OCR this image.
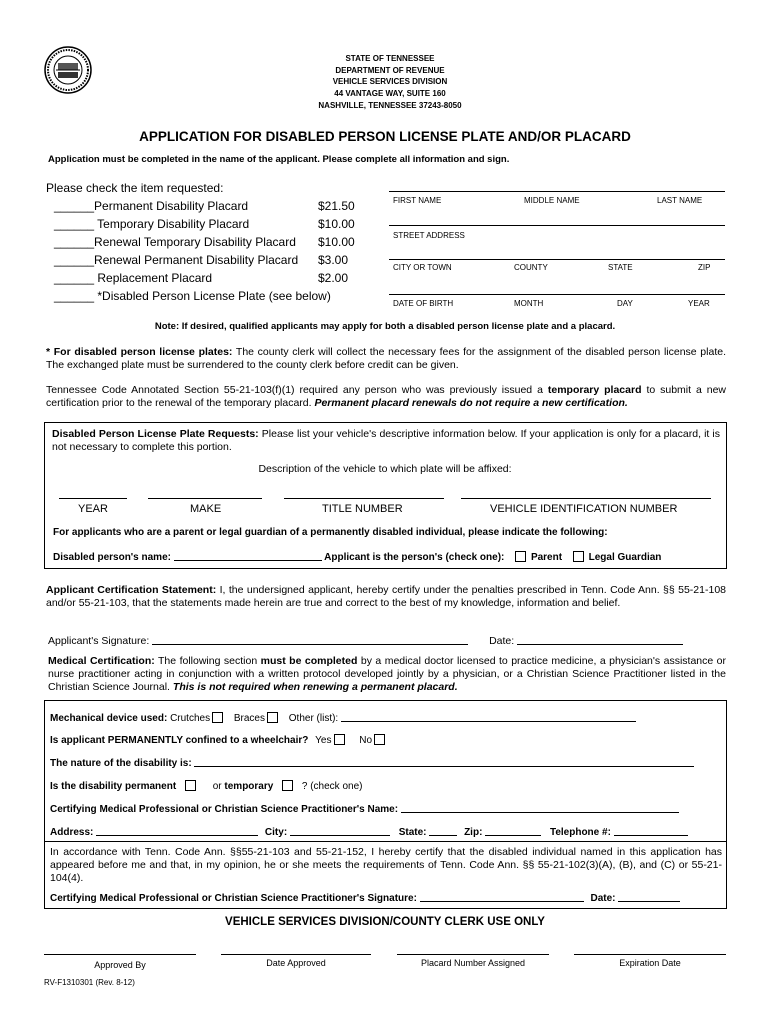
STATE OF TENNESSEE
DEPARTMENT OF REVENUE
VEHICLE SERVICES DIVISION
44 VANTAGE WAY, SUITE 160
NASHVILLE, TENNESSEE 37243-8050
APPLICATION FOR DISABLED PERSON LICENSE PLATE AND/OR PLACARD
Application must be completed in the name of the applicant. Please complete all information and sign.
Please check the item requested:
______Permanent Disability Placard	$21.50
______ Temporary Disability Placard	$10.00
______Renewal Temporary Disability Placard $10.00
______Renewal Permanent Disability Placard $3.00
______ Replacement Placard	$2.00
______ *Disabled Person License Plate (see below)
FIRST NAME	MIDDLE NAME	LAST NAME
STREET ADDRESS
CITY OR TOWN	COUNTY	STATE	ZIP
DATE OF BIRTH	MONTH	DAY	YEAR
Note: If desired, qualified applicants may apply for both a disabled person license plate and a placard.
* For disabled person license plates: The county clerk will collect the necessary fees for the assignment of the disabled person license plate. The exchanged plate must be surrendered to the county clerk before credit can be given.
Tennessee Code Annotated Section 55-21-103(f)(1) required any person who was previously issued a temporary placard to submit a new certification prior to the renewal of the temporary placard. Permanent placard renewals do not require a new certification.
Disabled Person License Plate Requests: Please list your vehicle's descriptive information below. If your application is only for a placard, it is not necessary to complete this portion.
Description of the vehicle to which plate will be affixed:
YEAR	MAKE	TITLE NUMBER	VEHICLE IDENTIFICATION NUMBER
For applicants who are a parent or legal guardian of a permanently disabled individual, please indicate the following:
Disabled person's name:	Applicant is the person's (check one):	Parent	Legal Guardian
Applicant Certification Statement: I, the undersigned applicant, hereby certify under the penalties prescribed in Tenn. Code Ann. §§ 55-21-108 and/or 55-21-103, that the statements made herein are true and correct to the best of my knowledge, information and belief.
Applicant's Signature:	Date:
Medical Certification: The following section must be completed by a medical doctor licensed to practice medicine, a physician's assistance or nurse practitioner acting in conjunction with a written protocol developed jointly by a physician, or a Christian Science Practitioner listed in the Christian Science Journal. This is not required when renewing a permanent placard.
Mechanical device used: Crutches Braces Other (list):
Is applicant PERMANENTLY confined to a wheelchair? Yes	No
The nature of the disability is:
Is the disability permanent	or temporary	? (check one)
Certifying Medical Professional or Christian Science Practitioner's Name:
Address:	City:	State:	Zip:	Telephone #:
In accordance with Tenn. Code Ann. §§55-21-103 and 55-21-152, I hereby certify that the disabled individual named in this application has appeared before me and that, in my opinion, he or she meets the requirements of Tenn. Code Ann. §§ 55-21-102(3)(A), (B), and (C) or 55-21-104(4).
Certifying Medical Professional or Christian Science Practitioner's Signature:	Date:
VEHICLE SERVICES DIVISION/COUNTY CLERK USE ONLY
Approved By	Date Approved	Placard Number Assigned	Expiration Date
RV-F1310301 (Rev. 8-12)
